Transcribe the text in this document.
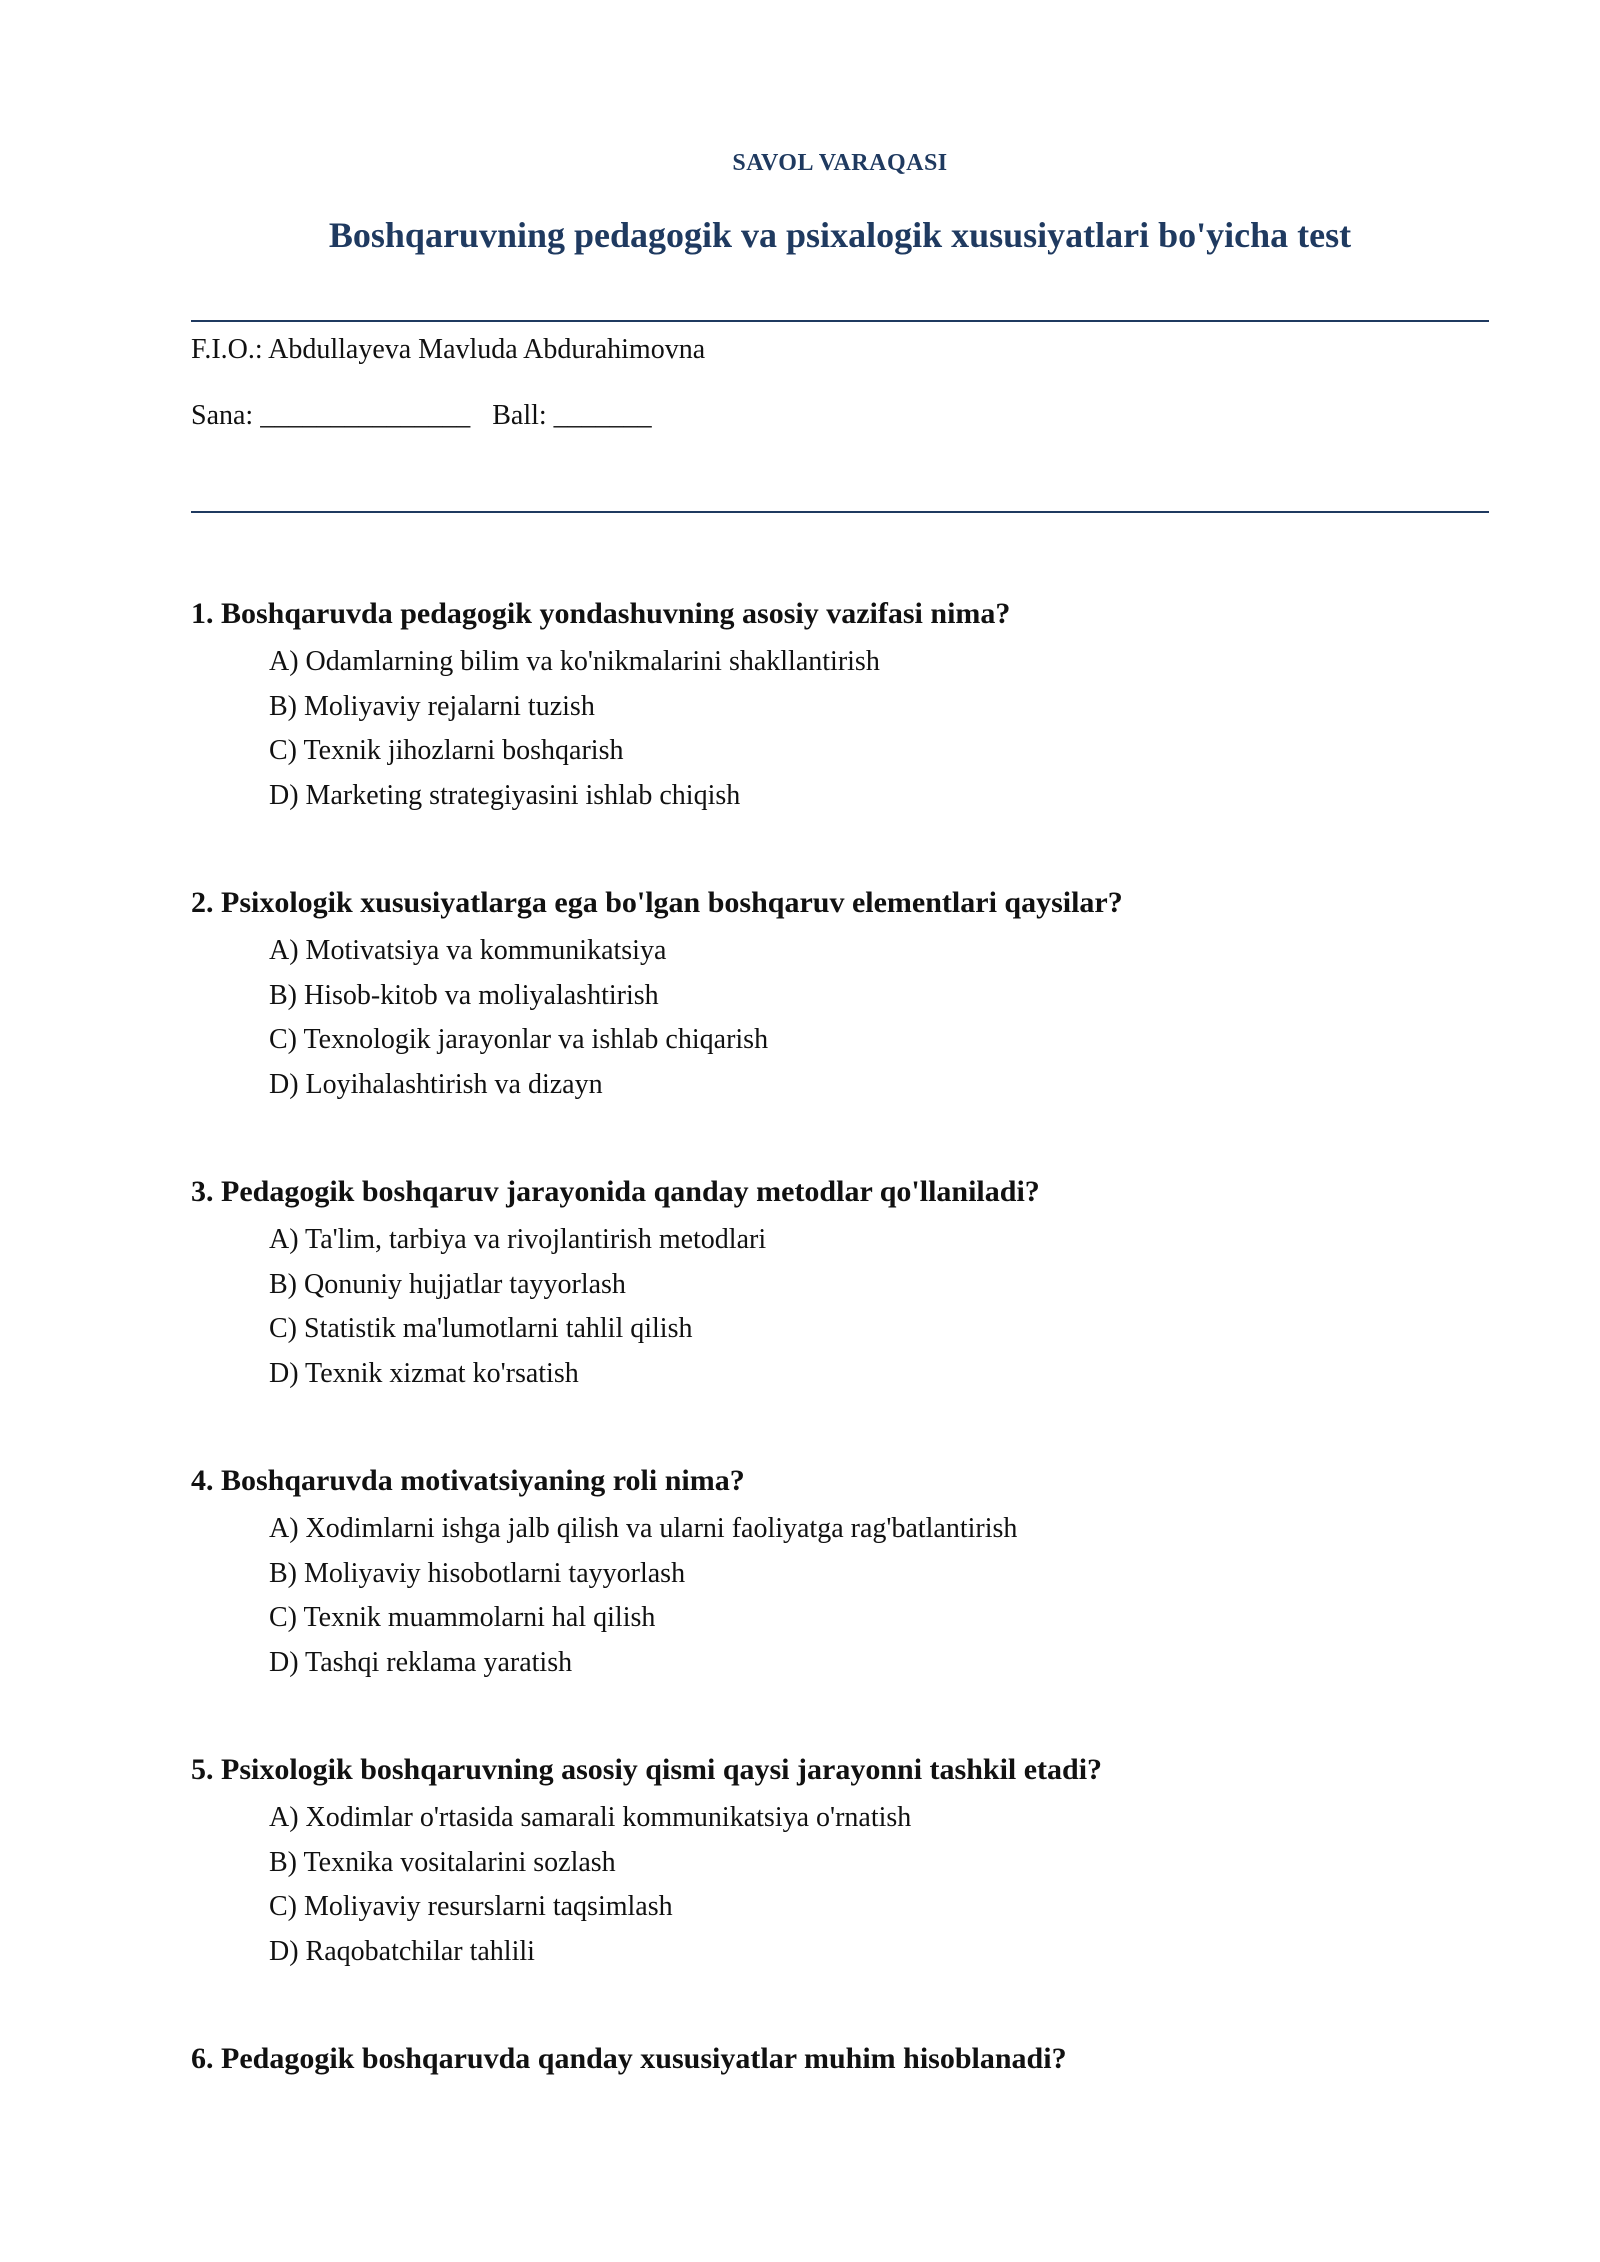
SAVOL VARAQASI
Boshqaruvning pedagogik va psixalogik xususiyatlari bo'yicha test
F.I.O.: Abdullayeva Mavluda Abdurahimovna
Sana: _______________ Ball: _______
1. Boshqaruvda pedagogik yondashuvning asosiy vazifasi nima?
A) Odamlarning bilim va ko'nikmalarini shakllantirish
B) Moliyaviy rejalarni tuzish
C) Texnik jihozlarni boshqarish
D) Marketing strategiyasini ishlab chiqish
2. Psixologik xususiyatlarga ega bo'lgan boshqaruv elementlari qaysilar?
A) Motivatsiya va kommunikatsiya
B) Hisob-kitob va moliyalashtirish
C) Texnologik jarayonlar va ishlab chiqarish
D) Loyihalashtirish va dizayn
3. Pedagogik boshqaruv jarayonida qanday metodlar qo'llaniladi?
A) Ta'lim, tarbiya va rivojlantirish metodlari
B) Qonuniy hujjatlar tayyorlash
C) Statistik ma'lumotlarni tahlil qilish
D) Texnik xizmat ko'rsatish
4. Boshqaruvda motivatsiyaning roli nima?
A) Xodimlarni ishga jalb qilish va ularni faoliyatga rag'batlantirish
B) Moliyaviy hisobotlarni tayyorlash
C) Texnik muammolarni hal qilish
D) Tashqi reklama yaratish
5. Psixologik boshqaruvning asosiy qismi qaysi jarayonni tashkil etadi?
A) Xodimlar o'rtasida samarali kommunikatsiya o'rnatish
B) Texnika vositalarini sozlash
C) Moliyaviy resurslarni taqsimlash
D) Raqobatchilar tahlili
6. Pedagogik boshqaruvda qanday xususiyatlar muhim hisoblanadi?
